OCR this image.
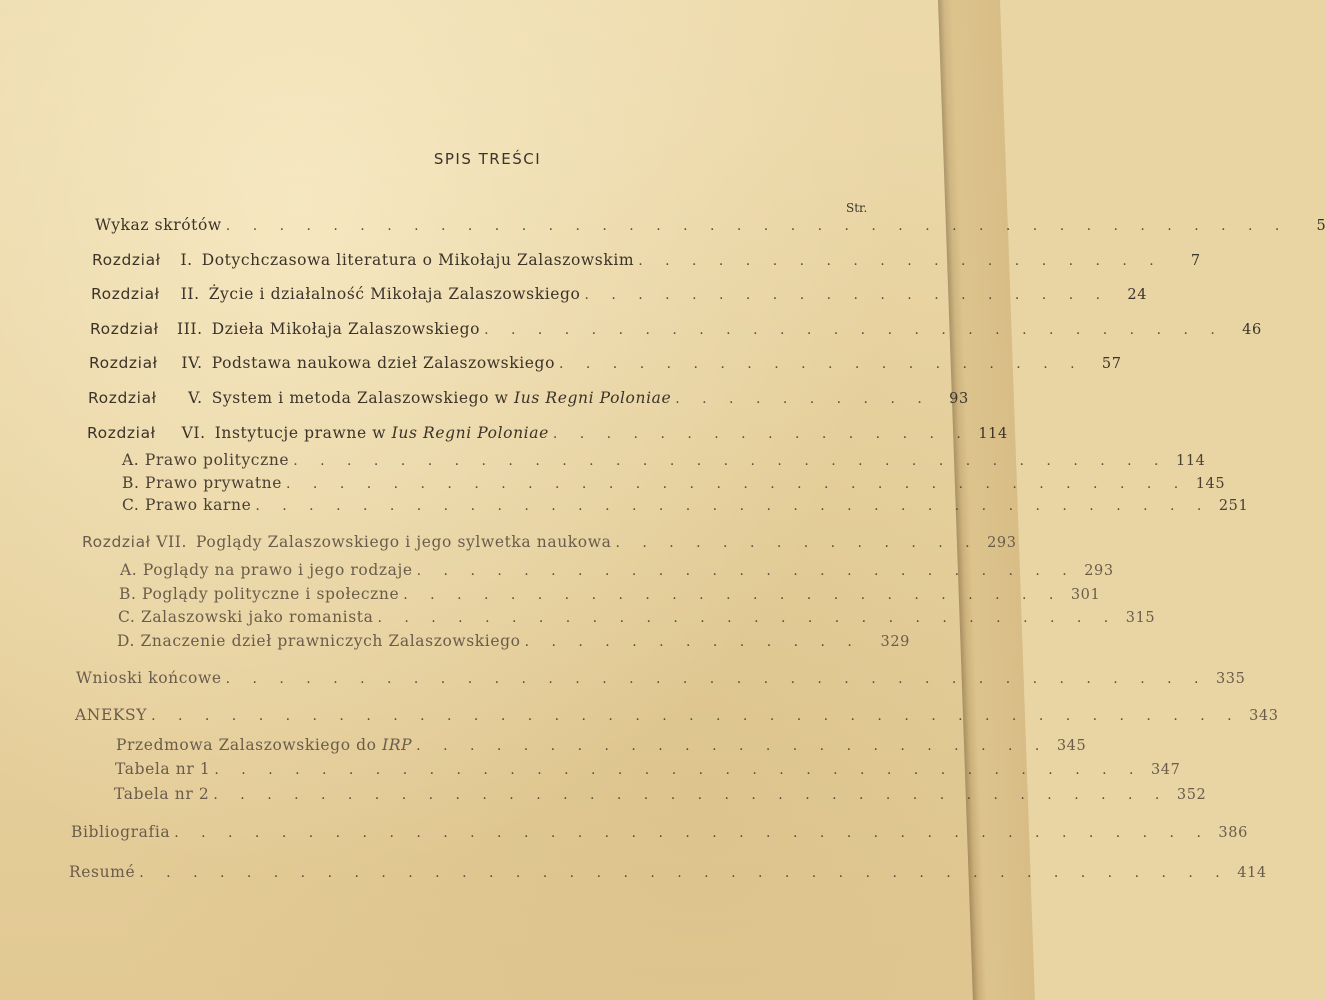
SPIS TREŚCI
Str.
Wykaz skrótów . . . . . . . . . . . . . . . . . . . . . . . . . . . . . . . . . . . . . . . .	5
Rozdział I. Dotychczasowa literatura o Mikołaju Zalaszowskim . . . . . . . . . . . . . . . . . . . .	7
Rozdział II. Życie i działalność Mikołaja Zalaszowskiego . . . . . . . . . . . . . . . . . . . .	24
Rozdział III. Dzieła Mikołaja Zalaszowskiego . . . . . . . . . . . . . . . . . . . . . . . . . . . .	46
Rozdział IV. Podstawa naukowa dzieł Zalaszowskiego . . . . . . . . . . . . . . . . . . . .	57
Rozdział V. System i metoda Zalaszowskiego w Ius Regni Poloniae . . . . . . . . . .	93
Rozdział VI. Instytucje prawne w Ius Regni Poloniae . . . . . . . . . . . . . . . . 114
A. Prawo polityczne . . . . . . . . . . . . . . . . . . . . . . . . . . . . . . . . . 114
B. Prawo prywatne . . . . . . . . . . . . . . . . . . . . . . . . . . . . . . . . . . 145
C. Prawo karne . . . . . . . . . . . . . . . . . . . . . . . . . . . . . . . . . . . . 251
Rozdział VII. Poglądy Zalaszowskiego i jego sylwetka naukowa . . . . . . . . . . . . . . 293
A. Poglądy na prawo i jego rodzaje . . . . . . . . . . . . . . . . . . . . . . . . . 293
B. Poglądy polityczne i społeczne . . . . . . . . . . . . . . . . . . . . . . . . . 301
C. Zalaszowski jako romanista . . . . . . . . . . . . . . . . . . . . . . . . . . . . 315
D. Znaczenie dzieł prawniczych Zalaszowskiego . . . . . . . . . . . . .	329
Wnioski końcowe . . . . . . . . . . . . . . . . . . . . . . . . . . . . . . . . . . . . . 335
ANEKSY . . . . . . . . . . . . . . . . . . . . . . . . . . . . . . . . . . . . . . . . . 343
Przedmowa Zalaszowskiego do IRP . . . . . . . . . . . . . . . . . . . . . . . . 345
Tabela nr 1 . . . . . . . . . . . . . . . . . . . . . . . . . . . . . . . . . . . 347
Tabela nr 2 . . . . . . . . . . . . . . . . . . . . . . . . . . . . . . . . . . . . 352
Bibliografia . . . . . . . . . . . . . . . . . . . . . . . . . . . . . . . . . . . . . . . 386
Resumé . . . . . . . . . . . . . . . . . . . . . . . . . . . . . . . . . . . . . . . . . 414
